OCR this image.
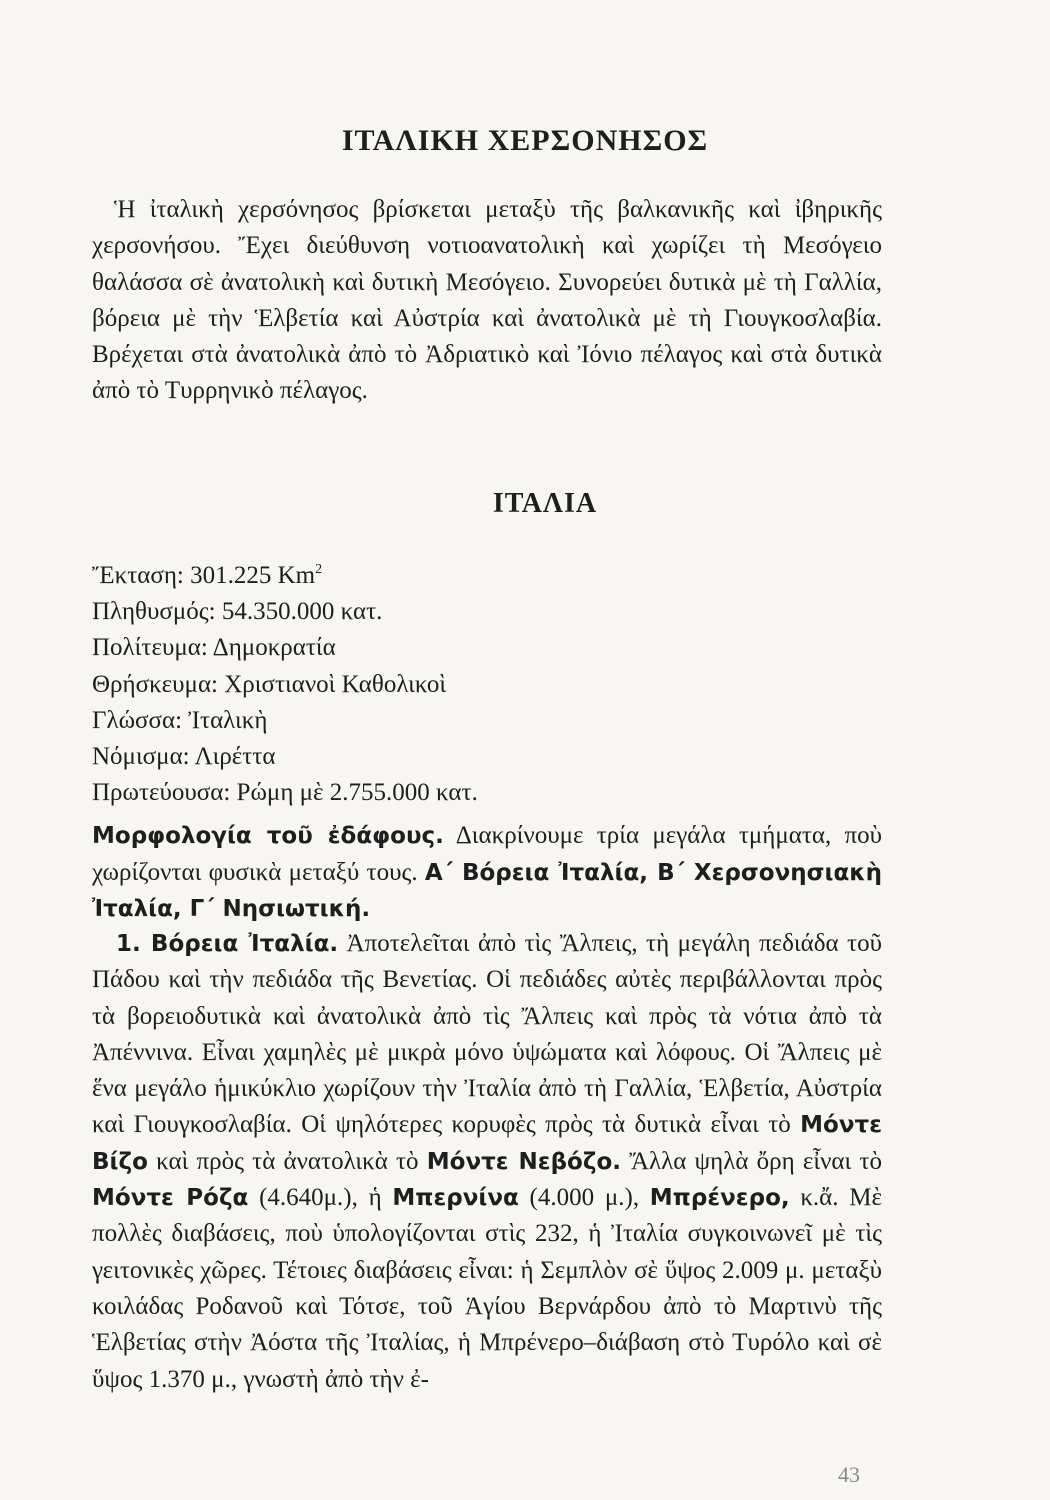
ΙΤΑΛΙΚΗ ΧΕΡΣΟΝΗΣΟΣ

Ἡ ἰταλικὴ χερσόνησος βρίσκεται μεταξὺ τῆς βαλκανικῆς καὶ ἰβηρικῆς χερσονήσου. Ἔχει διεύθυνση νοτιοανατολικὴ καὶ χωρίζει τὴ Μεσόγειο θαλάσσα σὲ ἀνατολικὴ καὶ δυτικὴ Μεσόγειο. Συνορεύει δυτικὰ μὲ τὴ Γαλλία, βόρεια μὲ τὴν Ἑλβετία καὶ Αὐστρία καὶ ἀνατολικὰ μὲ τὴ Γιουγκοσλαβία. Βρέχεται στὰ ἀνατολικὰ ἀπὸ τὸ Ἀδριατικὸ καὶ Ἰόνιο πέλαγος καὶ στὰ δυτικὰ ἀπὸ τὸ Τυρρηνικὸ πέλαγος.

ΙΤΑΛΙΑ
Ἔκταση: 301.225 Km$^2$
Πληθυσμός: 54.350.000 κατ.
Πολίτευμα: Δημοκρατία
Θρήσκευμα: Χριστιανοὶ Καθολικοὶ
Γλώσσα: Ἰταλικὴ
Νόμισμα: Λιρέττα
Πρωτεύουσα: Ρώμη μὲ 2.755.000 κατ.

Μορφολογία τοῦ ἐδάφους. Διακρίνουμε τρία μεγάλα τμήματα, ποὺ χωρίζονται φυσικὰ μεταξύ τους. Α΄ Βόρεια Ἰταλία, Β΄ Χερσονησιακὴ Ἰταλία, Γ΄ Νησιωτική.

1. Βόρεια Ἰταλία. Ἀποτελεῖται ἀπὸ τὶς Ἄλπεις, τὴ μεγάλη πεδιάδα τοῦ Πάδου καὶ τὴν πεδιάδα τῆς Βενετίας. Οἱ πεδιάδες αὐτὲς περιβάλλονται πρὸς τὰ βορειοδυτικὰ καὶ ἀνατολικὰ ἀπὸ τὶς Ἄλπεις καὶ πρὸς τὰ νότια ἀπὸ τὰ Ἀπέννινα. Εἶναι χαμηλὲς μὲ μικρὰ μόνο ὑψώματα καὶ λόφους. Οἱ Ἄλπεις μὲ ἕνα μεγάλο ἡμικύκλιο χωρίζουν τὴν Ἰταλία ἀπὸ τὴ Γαλλία, Ἑλβετία, Αὐστρία καὶ Γιουγκοσλαβία. Οἱ ψηλότερες κορυφὲς πρὸς τὰ δυτικὰ εἶναι τὸ Μόντε Βίζο καὶ πρὸς τὰ ἀνατολικὰ τὸ Μόντε Νεβόζο. Ἄλλα ψηλὰ ὄρη εἶναι τὸ Μόντε Ρόζα (4.640μ.), ἡ Μπερνίνα (4.000 μ.), Μπρένερο, κ.ἄ. Μὲ πολλὲς διαβάσεις, ποὺ ὑπολογίζονται στὶς 232, ἡ Ἰταλία συγκοινωνεῖ μὲ τὶς γειτονικὲς χῶρες. Τέτοιες διαβάσεις εἶναι: ἡ Σεμπλὸν σὲ ὕψος 2.009 μ. μεταξὺ κοιλάδας Ροδανοῦ καὶ Τότσε, τοῦ Ἁγίου Βερνάρδου ἀπὸ τὸ Μαρτινὺ τῆς Ἑλβετίας στὴν Ἀόστα τῆς Ἰταλίας, ἡ Μπρένερο–διάβαση στὸ Τυρόλο καὶ σὲ ὕψος 1.370 μ., γνωστὴ ἀπὸ τὴν ἐ-

43
